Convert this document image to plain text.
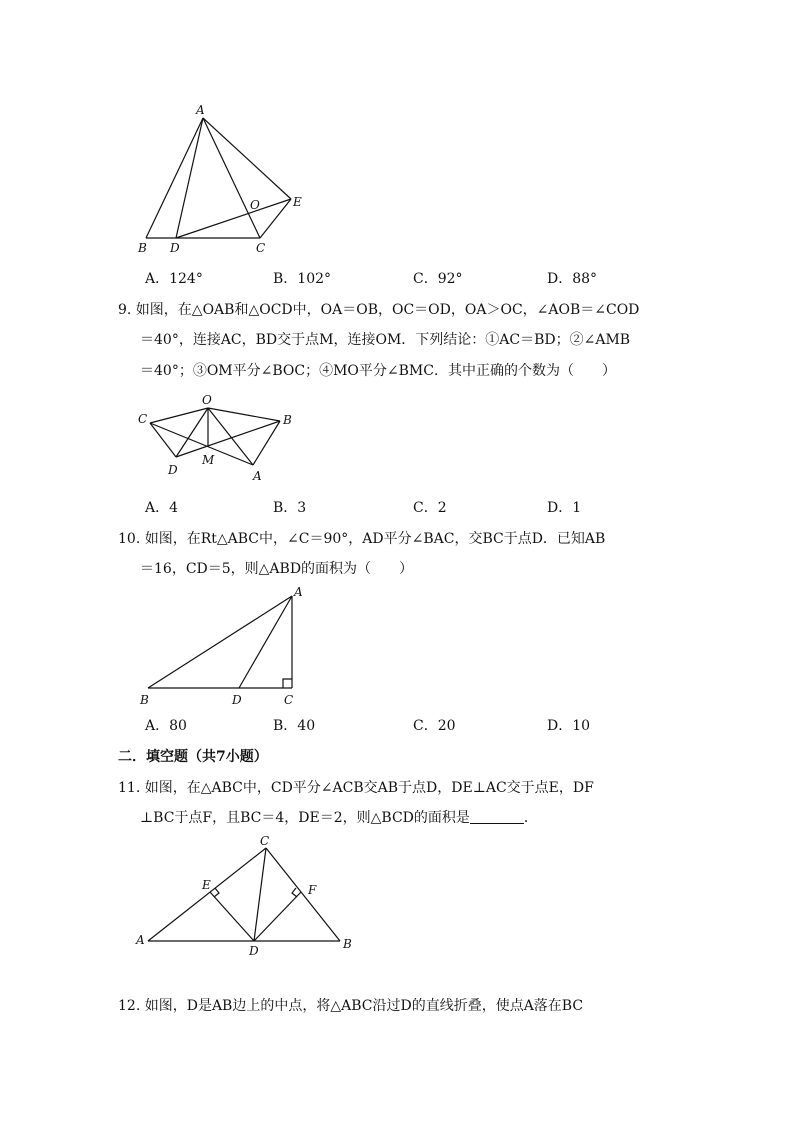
A
B D	C
O	E
A．124°	B．102°	C．92°	D．88°
9. 如图，在△OAB和△OCD中，OA＝OB，OC＝OD，OA＞OC，∠AOB＝∠COD
＝40°，连接AC，BD交于点M，连接OM．下列结论：①AC＝BD；②∠AMB
＝40°；③OM平分∠BOC；④MO平分∠BMC．其中正确的个数为（　　）
O
C	B
D
M
A
A．4	B．3	C．2	D．1
10. 如图，在Rt△ABC中，∠C＝90°，AD平分∠BAC，交BC于点D．已知AB
＝16，CD＝5，则△ABD的面积为（　　）
A
B	D	C
A．80	B．40	C．20	D．10
二．填空题（共7小题）
11. 如图，在△ABC中，CD平分∠ACB交AB于点D，DE⊥AC交于点E，DF
⊥BC于点F，且BC＝4，DE＝2，则△BCD的面积是	．
C
E	F
A
D	B
12. 如图，D是AB边上的中点，将△ABC沿过D的直线折叠，使点A落在BC
